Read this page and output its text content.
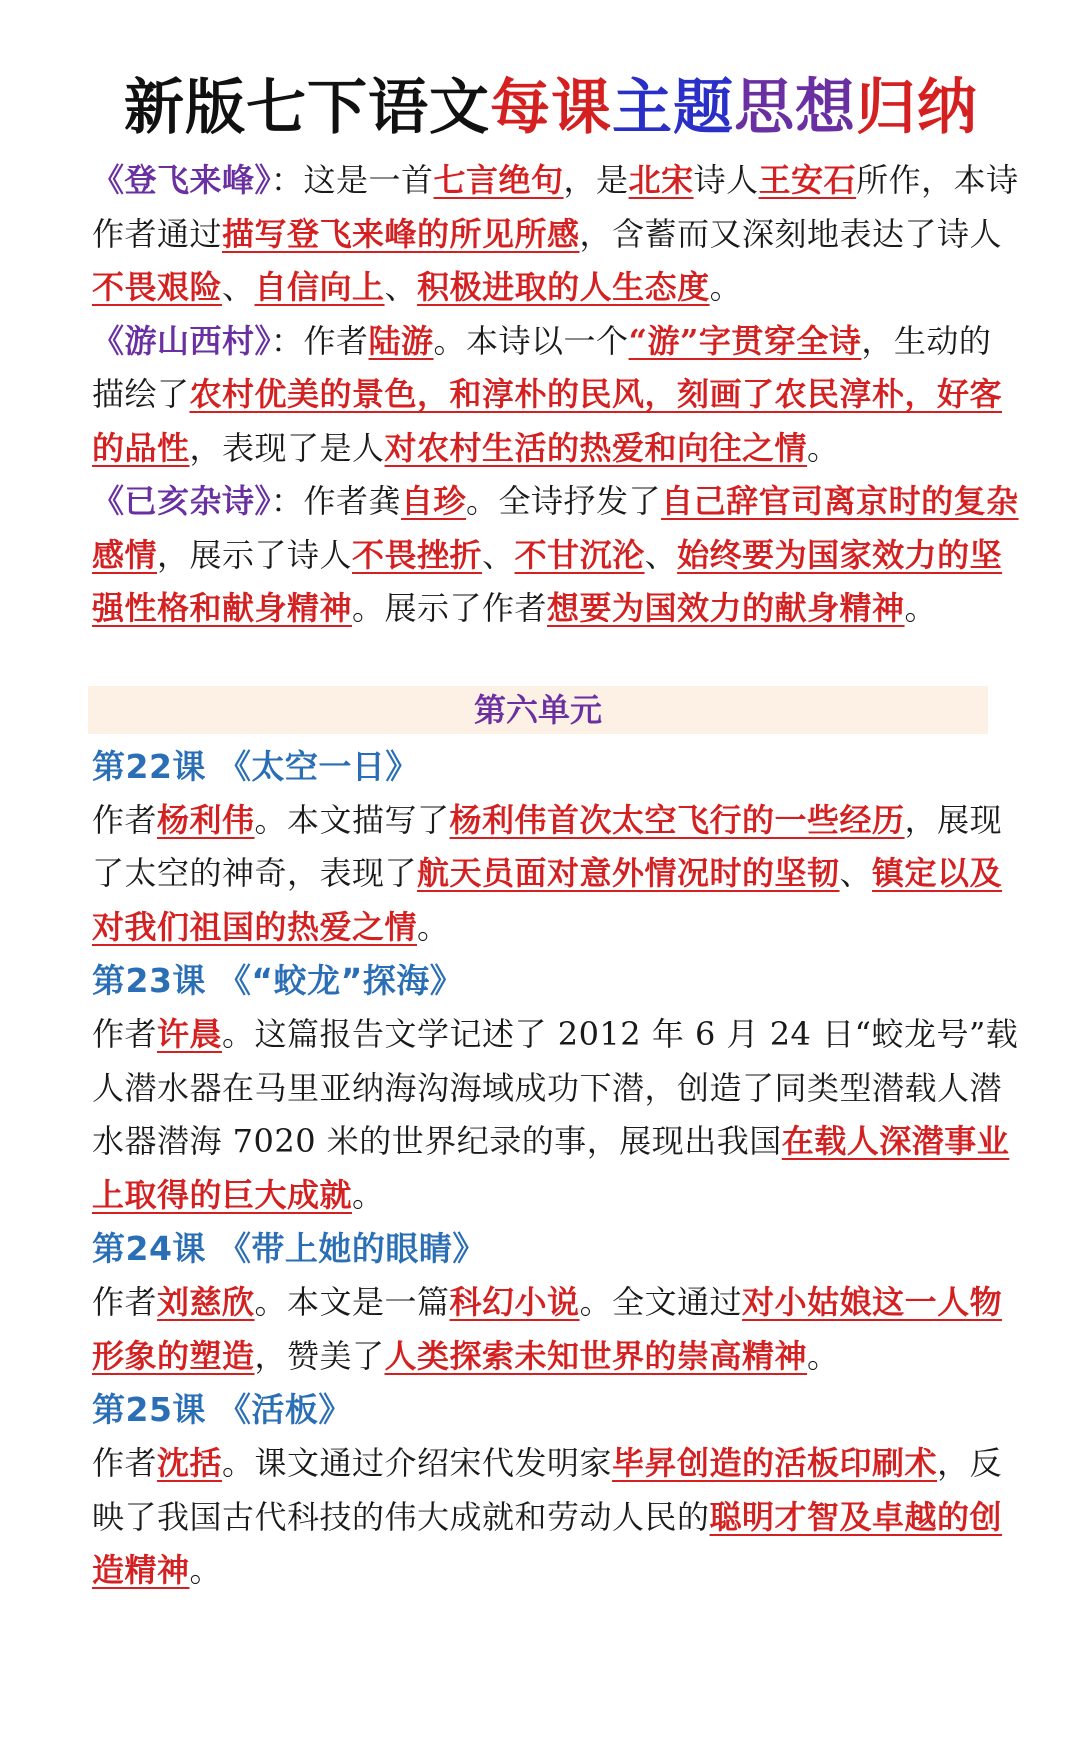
新版七下语文每课主题思想归纳

《登飞来峰》：这是一首七言绝句，是北宋诗人王安石所作，本诗作者通过描写登飞来峰的所见所感，含蓄而又深刻地表达了诗人不畏艰险、自信向上、积极进取的人生态度。

《游山西村》：作者陆游。本诗以一个“游”字贯穿全诗，生动的描绘了农村优美的景色，和淳朴的民风，刻画了农民淳朴，好客的品性，表现了是人对农村生活的热爱和向往之情。

《已亥杂诗》：作者龚自珍。全诗抒发了自己辞官司离京时的复杂感情，展示了诗人不畏挫折、不甘沉沦、始终要为国家效力的坚强性格和献身精神。展示了作者想要为国效力的献身精神。

第六单元
第22课 《太空一日》

作者杨利伟。本文描写了杨利伟首次太空飞行的一些经历，展现了太空的神奇，表现了航天员面对意外情况时的坚韧、镇定以及对我们祖国的热爱之情。

第23课 《“蛟龙”探海》

作者许晨。这篇报告文学记述了 2012 年 6 月 24 日“蛟龙号”载人潜水器在马里亚纳海沟海域成功下潜，创造了同类型潜载人潜水器潜海 7020 米的世界纪录的事，展现出我国在载人深潜事业上取得的巨大成就。

第24课 《带上她的眼睛》

作者刘慈欣。本文是一篇科幻小说。全文通过对小姑娘这一人物形象的塑造，赞美了人类探索未知世界的崇高精神。

第25课 《活板》

作者沈括。课文通过介绍宋代发明家毕昇创造的活板印刷术，反映了我国古代科技的伟大成就和劳动人民的聪明才智及卓越的创造精神。
